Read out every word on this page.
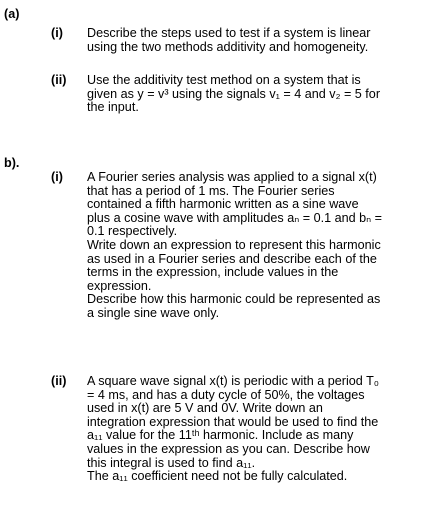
(a)
(i) Describe the steps used to test if a system is linear

using the two methods additivity and homogeneity.

(ii) Use the additivity test method on a system that is

given as y = v³ using the signals v₁ = 4 and v₂ = 5 for

the input.

b).
(i) A Fourier series analysis was applied to a signal x(t)

that has a period of 1 ms. The Fourier series

contained a fifth harmonic written as a sine wave

plus a cosine wave with amplitudes aₙ = 0.1 and bₙ =

0.1 respectively.

Write down an expression to represent this harmonic

as used in a Fourier series and describe each of the

terms in the expression, include values in the

expression.

Describe how this harmonic could be represented as

a single sine wave only.

(ii) A square wave signal x(t) is periodic with a period T₀

= 4 ms, and has a duty cycle of 50%, the voltages

used in x(t) are 5 V and 0V. Write down an

integration expression that would be used to find the

a₁₁ value for the 11ᵗʰ harmonic. Include as many

values in the expression as you can. Describe how

this integral is used to find a₁₁.

The a₁₁ coefficient need not be fully calculated.
